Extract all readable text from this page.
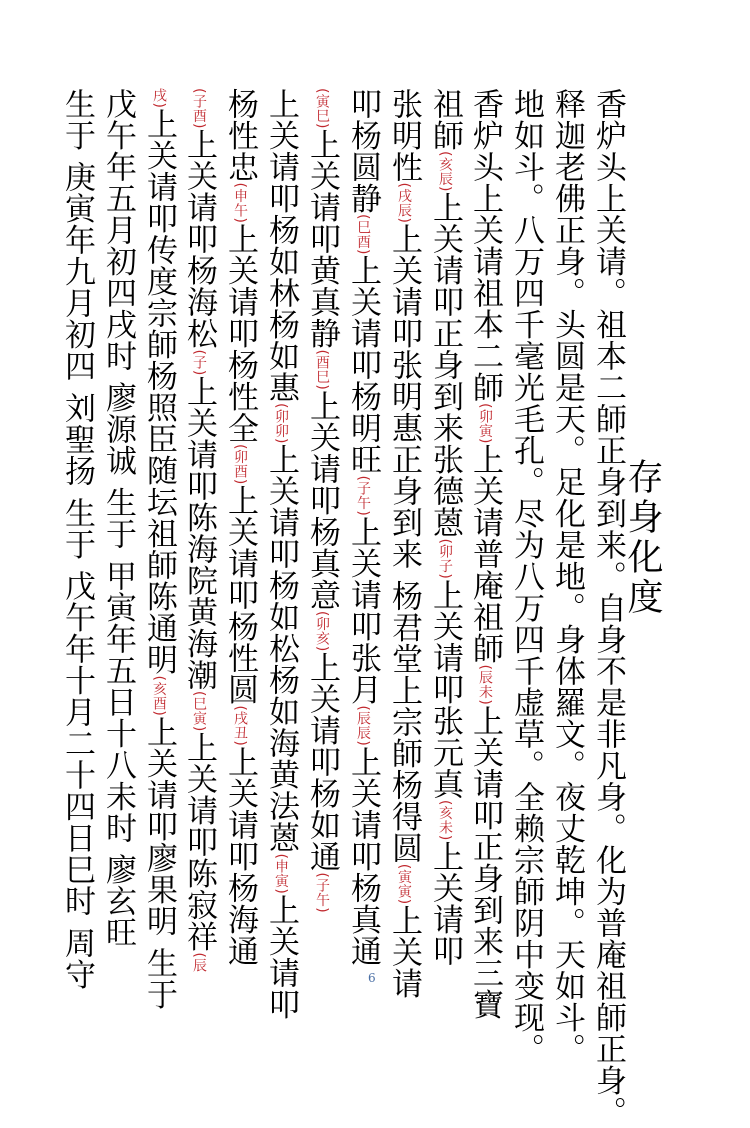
存身化度
香炉头上关请。祖本二師正身到来。自身不是非凡身。化为普庵祖師正身。
释迦老佛正身。头圆是天。足化是地。身体羅文。夜丈乾坤。天如斗。
地如斗。八万四千毫光毛孔。尽为八万四千虚草。全赖宗師阴中变现。
香炉头上关请祖本二師(卯寅)上关请普庵祖師(辰未)上关请叩正身到来三寶
祖師(亥辰)上关请叩正身到来张德蒽(卯子)上关请叩张元真(亥未)上关请叩
张明性(戌辰)上关请叩张明惠正身到来 杨君堂上宗師杨得圆(寅寅)上关请
叩杨圆静(巳酉)上关请叩杨明旺(子午)上关请叩张月(辰辰)上关请叩杨真通
(寅巳)上关请叩黄真静(酉巳)上关请叩杨真意(卯亥)上关请叩杨如通(子午)
上关请叩杨如林杨如惠(卯卯)上关请叩杨如松杨如海黄法蒽(申寅)上关请叩
杨性忠(申午)上关请叩杨性全(卯酉)上关请叩杨性圆(戌丑)上关请叩杨海通
(子酉)上关请叩杨海松(子)上关请叩陈海院黄海潮(巳寅)上关请叩陈寂祥(辰
戌)上关请叩传度宗師杨照臣随坛祖師陈通明(亥酉)上关请叩廖果明 生于
戊午年五月初四戌时 廖源诚 生于 甲寅年五日十八未时 廖玄旺
生于 庚寅年九月初四 刘聖扬 生于 戊午年十月二十四日巳时 周守	6
